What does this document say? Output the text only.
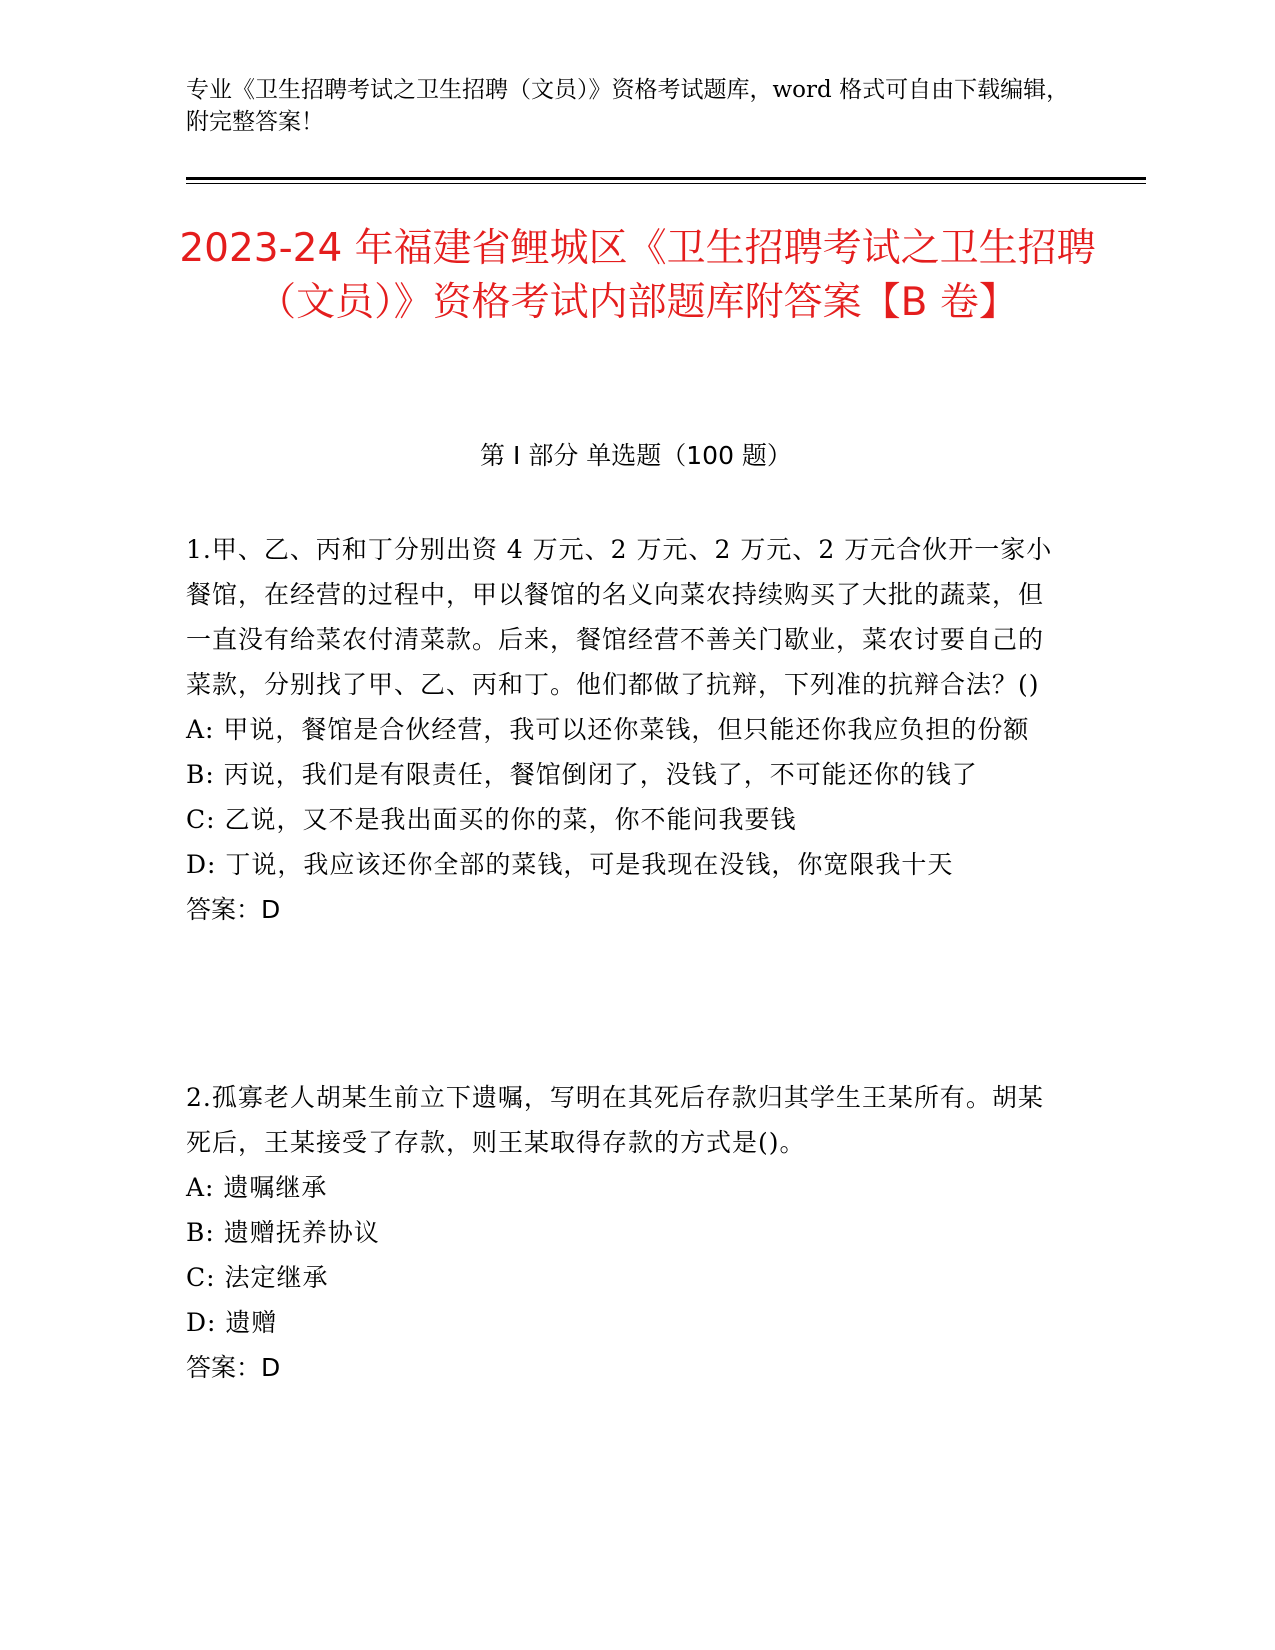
专业《卫生招聘考试之卫生招聘（文员）》资格考试题库，word 格式可自由下载编辑，附完整答案！
2023-24 年福建省鲤城区《卫生招聘考试之卫生招聘（文员）》资格考试内部题库附答案【B 卷】
第 I 部分 单选题（100 题）
1.甲、乙、丙和丁分别出资 4 万元、2 万元、2 万元、2 万元合伙开一家小餐馆，在经营的过程中，甲以餐馆的名义向菜农持续购买了大批的蔬菜，但一直没有给菜农付清菜款。后来，餐馆经营不善关门歇业，菜农讨要自己的菜款，分别找了甲、乙、丙和丁。他们都做了抗辩，下列准的抗辩合法？()
A: 甲说，餐馆是合伙经营，我可以还你菜钱，但只能还你我应负担的份额
B: 丙说，我们是有限责任，餐馆倒闭了，没钱了，不可能还你的钱了
C: 乙说，又不是我出面买的你的菜，你不能问我要钱
D: 丁说，我应该还你全部的菜钱，可是我现在没钱，你宽限我十天
答案：D
2.孤寡老人胡某生前立下遗嘱，写明在其死后存款归其学生王某所有。胡某死后，王某接受了存款，则王某取得存款的方式是()。
A: 遗嘱继承
B: 遗赠抚养协议
C: 法定继承
D: 遗赠
答案：D
